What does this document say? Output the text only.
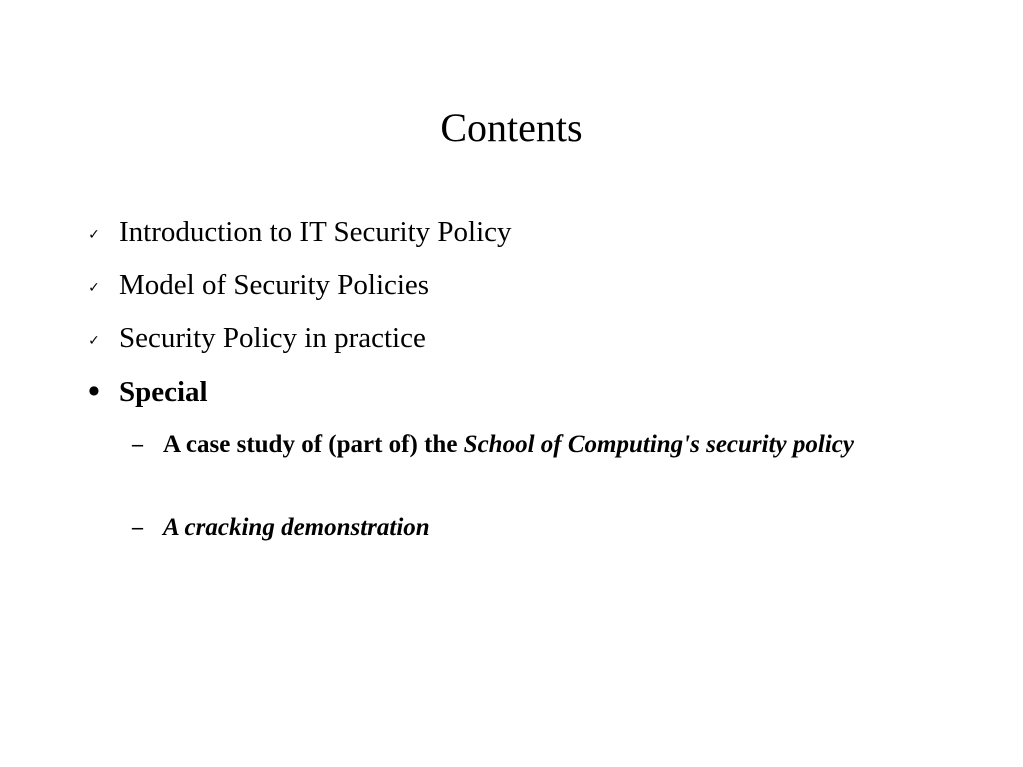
Contents
✓ Introduction to IT Security Policy
✓ Model of Security Policies
✓ Security Policy in practice
● Special
– A case study of (part of) the School of Computing's security policy
– A cracking demonstration
